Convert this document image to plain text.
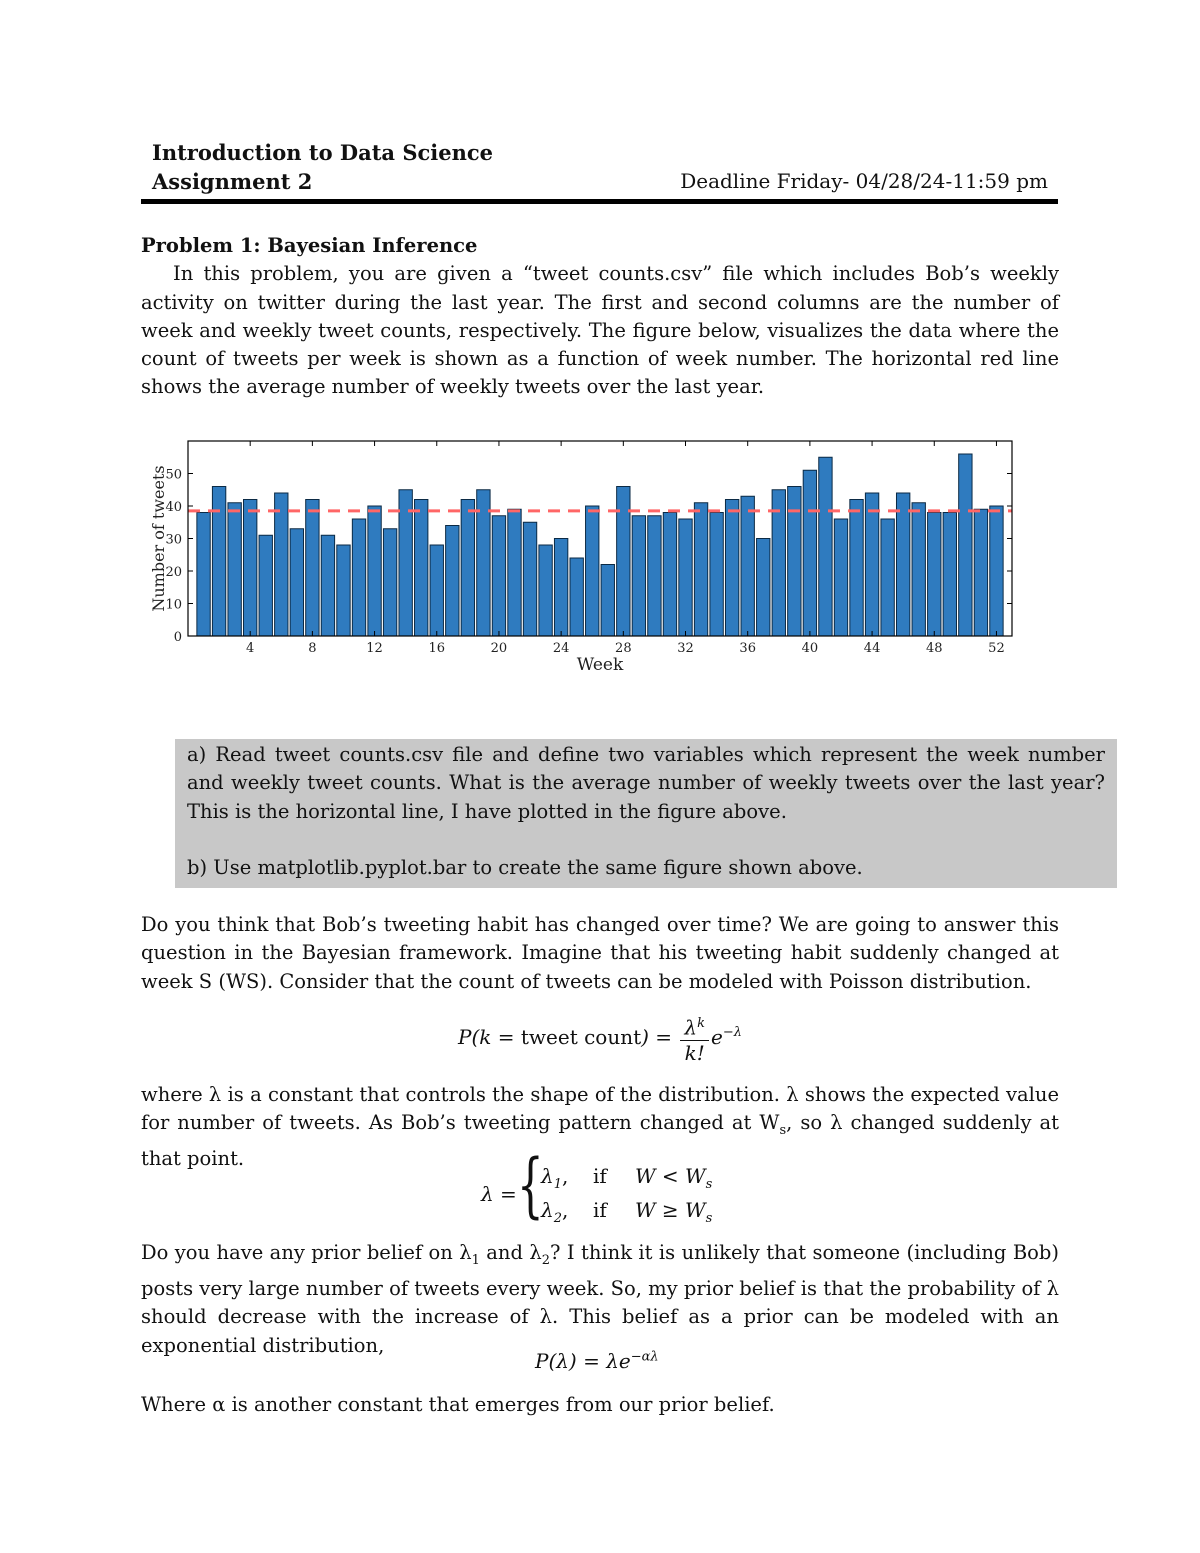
Introduction to Data Science
Assignment 2	Deadline Friday- 04/28/24-11:59 pm
Problem 1: Bayesian Inference
In this problem, you are given a “tweet counts.csv” file which includes Bob’s weekly activity on twitter during the last year. The first and second columns are the number of week and weekly tweet counts, respectively. The figure below, visualizes the data where the count of tweets per week is shown as a function of week number. The horizontal red line shows the average number of weekly tweets over the last year.
4	8	12	16	20	24	28	32	36	40	44	48	52
0
10
20
30
40
50
Week
Number of tweets

a) Read tweet counts.csv file and define two variables which represent the week number and weekly tweet counts. What is the average number of weekly tweets over the last year? This is the horizontal line, I have plotted in the figure above.

b) Use matplotlib.pyplot.bar to create the same figure shown above.

Do you think that Bob’s tweeting habit has changed over time? We are going to answer this question in the Bayesian framework. Imagine that his tweeting habit suddenly changed at week S (WS). Consider that the count of tweets can be modeled with Poisson distribution.
P(k = tweet count) = $\frac{\lambda^k}{k!} e^{-\lambda}$
where λ is a constant that controls the shape of the distribution. λ shows the expected value for number of tweets. As Bob’s tweeting pattern changed at $W_s$, so λ changed suddenly at that point.
λ = {
$\lambda_1$, if $W < W_s$
$\lambda_2$, if $W \ge W_s$
Do you have any prior belief on $\lambda_1$ and $\lambda_2$? I think it is unlikely that someone (including Bob) posts very large number of tweets every week. So, my prior belief is that the probability of λ should decrease with the increase of λ. This belief as a prior can be modeled with an exponential distribution,
$P(\lambda) = \lambda e^{-\alpha\lambda}$
Where α is another constant that emerges from our prior belief.
